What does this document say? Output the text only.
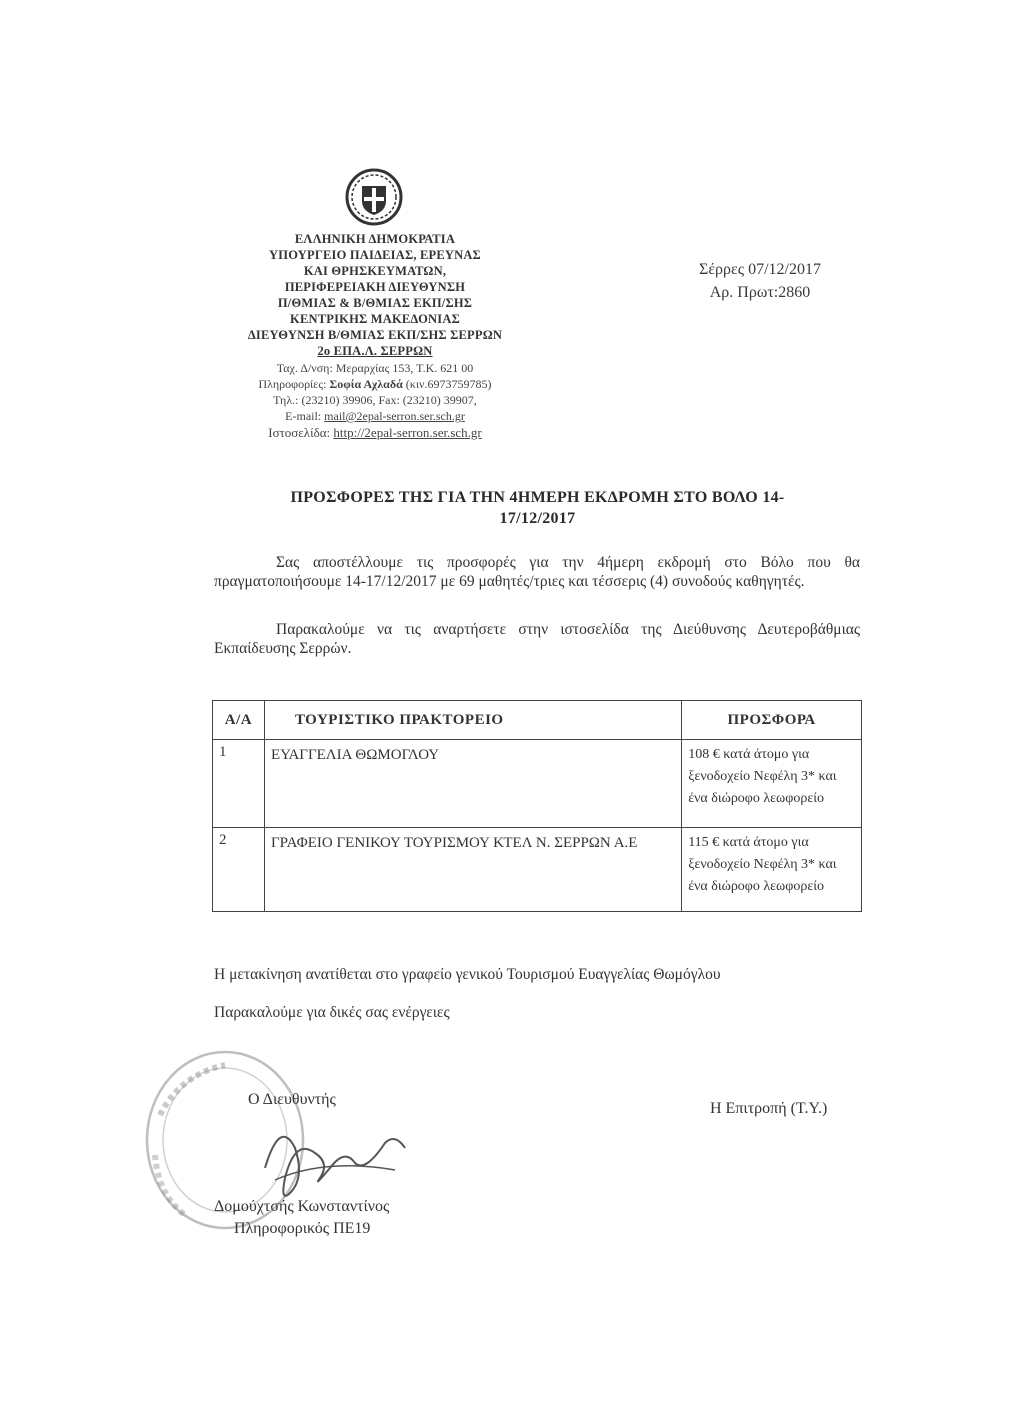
ΕΛΛΗΝΙΚΗ ΔΗΜΟΚΡΑΤΙΑ
ΥΠΟΥΡΓΕΙΟ ΠΑΙΔΕΙΑΣ, ΕΡΕΥΝΑΣ
ΚΑΙ ΘΡΗΣΚΕΥΜΑΤΩΝ,
ΠΕΡΙΦΕΡΕΙΑΚΗ ΔΙΕΥΘΥΝΣΗ
Π/ΘΜΙΑΣ & Β/ΘΜΙΑΣ ΕΚΠ/ΣΗΣ
ΚΕΝΤΡΙΚΗΣ ΜΑΚΕΔΟΝΙΑΣ
ΔΙΕΥΘΥΝΣΗ Β/ΘΜΙΑΣ ΕΚΠ/ΣΗΣ ΣΕΡΡΩΝ
2ο ΕΠΑ.Λ. ΣΕΡΡΩΝ
Ταχ. Δ/νση: Μεραρχίας 153, Τ.Κ. 621 00
Πληροφορίες: Σοφία Αχλαδά (κιν.6973759785)
Τηλ.: (23210) 39906, Fax: (23210) 39907,
E-mail: mail@2epal-serron.ser.sch.gr
Ιστοσελίδα: http://2epal-serron.ser.sch.gr
Σέρρες 07/12/2017
Αρ. Πρωτ:2860
ΠΡΟΣΦΟΡΕΣ ΤΗΣ ΓΙΑ ΤΗΝ 4ΗΜΕΡΗ ΕΚΔΡΟΜΗ ΣΤΟ ΒΟΛΟ 14-
17/12/2017
Σας αποστέλλουμε τις προσφορές για την 4ήμερη εκδρομή στο Βόλο που θα πραγματοποιήσουμε 14-17/12/2017 με 69 μαθητές/τριες και τέσσερις (4) συνοδούς καθηγητές.
Παρακαλούμε να τις αναρτήσετε στην ιστοσελίδα της Διεύθυνσης Δευτεροβάθμιας Εκπαίδευσης Σερρών.
Α/Α	ΤΟΥΡΙΣΤΙΚΟ ΠΡΑΚΤΟΡΕΙΟ	ΠΡΟΣΦΟΡΑ
1	ΕΥΑΓΓΕΛΙΑ ΘΩΜΟΓΛΟΥ	108 € κατά άτομο για ξενοδοχείο Νεφέλη 3* και ένα διώροφο λεωφορείο
2	ΓΡΑΦΕΙΟ ΓΕΝΙΚΟΥ ΤΟΥΡΙΣΜΟΥ ΚΤΕΛ Ν. ΣΕΡΡΩΝ Α.Ε	115 € κατά άτομο για ξενοδοχείο Νεφέλη 3* και ένα διώροφο λεωφορείο
Η μετακίνηση ανατίθεται στο γραφείο γενικού Τουρισμού Ευαγγελίας Θωμόγλου
Παρακαλούμε για δικές σας ενέργειες
Ο Διευθυντής
Δομούχτσής Κωνσταντίνος
Πληροφορικός ΠΕ19
Η Επιτροπή (Τ.Υ.)
